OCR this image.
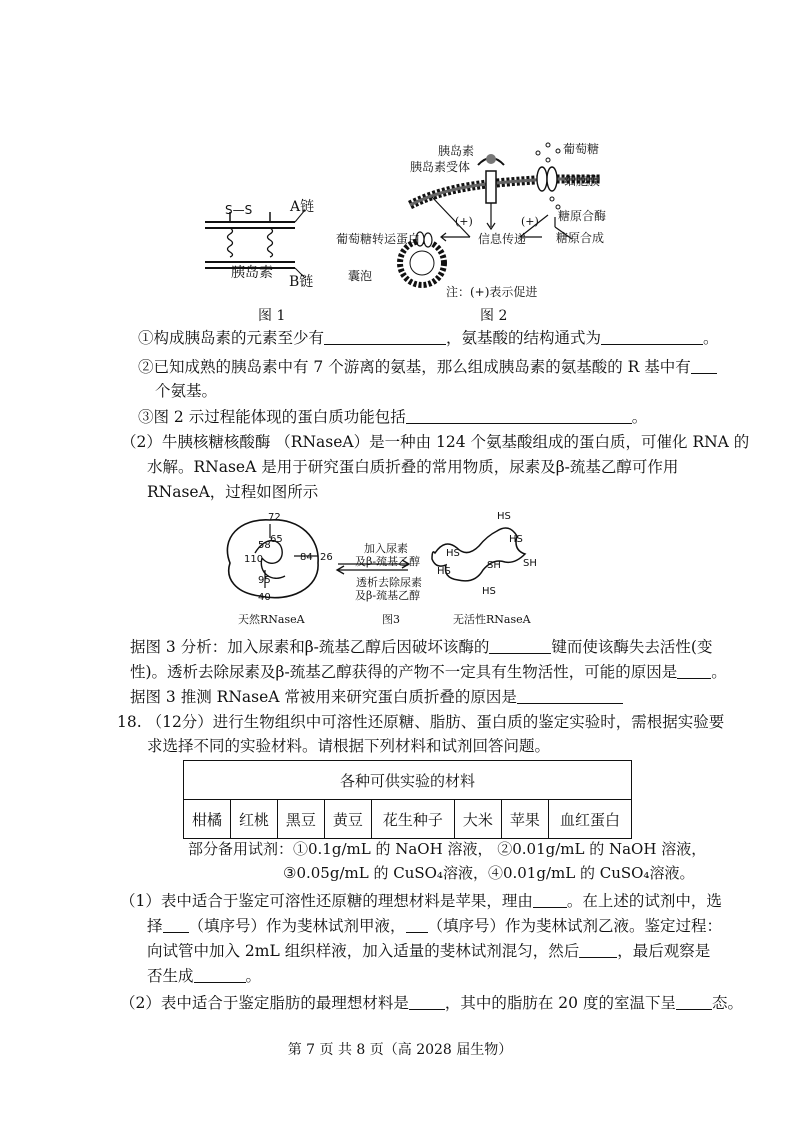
S—S	A链
B链
胰岛素
图 1
胰岛素
胰岛素受体
葡萄糖
细胞膜
糖原合酶
糖原合成
信息传递
(+)	(+)
葡萄糖转运蛋白
囊泡
注：(+)表示促进
图 2
①构成胰岛素的元素至少有	，氨基酸的结构通式为	。
②已知成熟的胰岛素中有 7 个游离的氨基，那么组成胰岛素的氨基酸的 R 基中有
个氨基。
③图 2 示过程能体现的蛋白质功能包括	。
（2）牛胰核糖核酸酶 （RNaseA）是一种由 124 个氨基酸组成的蛋白质，可催化 RNA 的
水解。RNaseA 是用于研究蛋白质折叠的常用物质，尿素及β-巯基乙醇可作用
RNaseA，过程如图所示
72
65
58
110	84 26
95
40
加入尿素
及β-巯基乙醇
透析去除尿素
及β-巯基乙醇
HS
HS
HS
HS
HS
SH SH
天然RNaseA	图3	无活性RNaseA
据图 3 分析：加入尿素和β-巯基乙醇后因破坏该酶的	键而使该酶失去活性(变
性)。透析去除尿素及β-巯基乙醇获得的产物不一定具有生物活性，可能的原因是 。
据图 3 推测 RNaseA 常被用来研究蛋白质折叠的原因是
18. （12分）进行生物组织中可溶性还原糖、脂肪、蛋白质的鉴定实验时，需根据实验要
求选择不同的实验材料。请根据下列材料和试剂回答问题。
各种可供实验的材料
柑橘	红桃	黑豆	黄豆	花生种子	大米	苹果	血红蛋白
部分备用试剂：①0.1g/mL 的 NaOH 溶液， ②0.01g/mL 的 NaOH 溶液，
③0.05g/mL 的 CuSO₄溶液，④0.01g/mL 的 CuSO₄溶液。
（1）表中适合于鉴定可溶性还原糖的理想材料是苹果，理由 。在上述的试剂中，选
择 （填序号）作为斐林试剂甲液， （填序号）作为斐林试剂乙液。鉴定过程：
向试管中加入 2mL 组织样液，加入适量的斐林试剂混匀，然后 ，最后观察是
否生成	。
（2）表中适合于鉴定脂肪的最理想材料是 ，其中的脂肪在 20 度的室温下呈 态。
第 7 页 共 8 页（高 2028 届生物）
